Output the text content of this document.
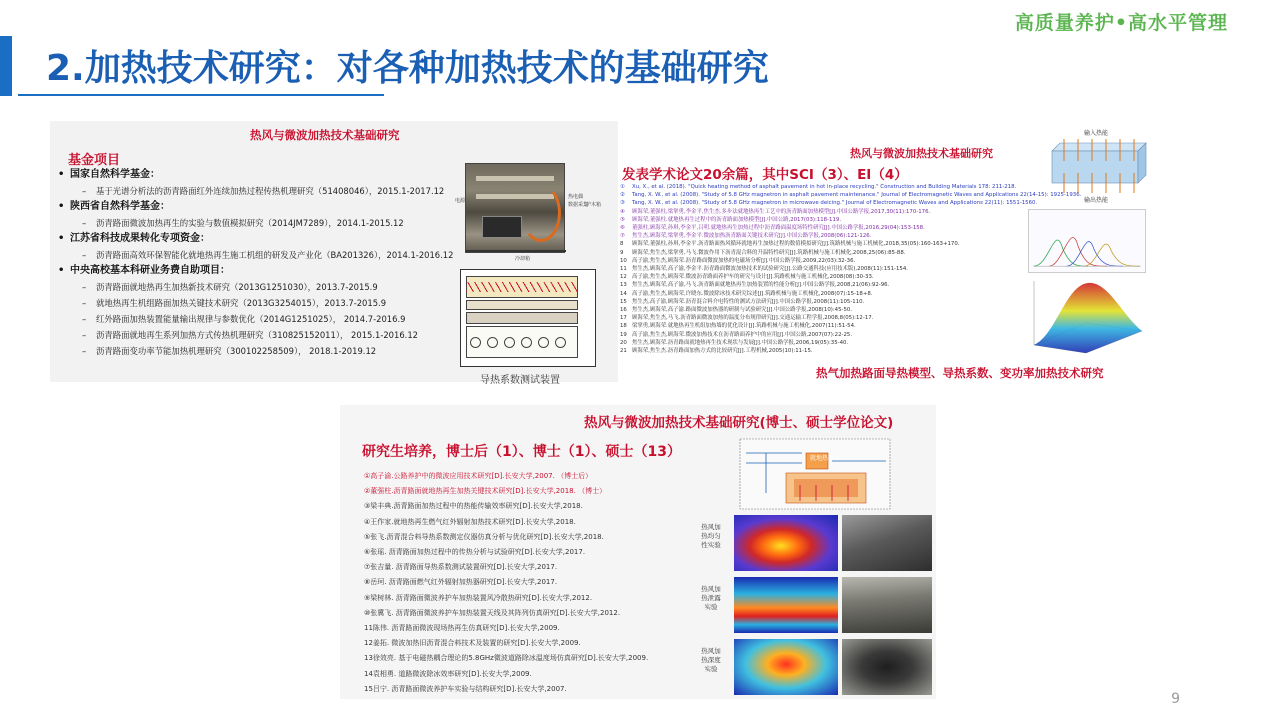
高质量养护•高水平管理
2.加热技术研究：对各种加热技术的基础研究
热风与微波加热技术基础研究
基金项目
• 国家自然科学基金：
– 基于光谱分析法的沥青路面红外连续加热过程传热机理研究（51408046），2015.1-2017.12
• 陕西省自然科学基金：
– 沥青路面微波加热再生的实验与数值模拟研究（2014JM7289），2014.1-2015.12
• 江苏省科技成果转化专项资金：
– 沥青路面高效环保智能化就地热再生施工机组的研发及产业化（BA201326），2014.1-2016.12
• 中央高校基本科研业务费自助项目：
– 沥青路面就地热再生加热新技术研究（2013G1251030），2013.7-2015.9
– 就地热再生机组路面加热关键技术研究（2013G3254015），2013.7-2015.9
– 红外路面加热装置能量输出规律与参数优化（2014G1251025）， 2014.7-2016.9
– 沥青路面就地再生系列加热方式传热机理研究（310825152011）， 2015.1-2016.12
– 沥青路面变功率节能加热机理研究（300102258509）， 2018.1-2019.12
电源
热电偶
数据采集
护木箱
冷却箱
导热系数测试装置
热风与微波加热技术基础研究
发表学术论文20余篇，其中SCI（3）、EI（4）
① Xu, X., et al. (2018). "Quick heating method of asphalt pavement in hot in-place recycling." Construction and Building Materials 178: 211-218.
② Tang, X. W., et al. (2008). "Study of 5.8 GHz magnetron in asphalt pavement maintenance." Journal of Electromagnetic Waves and Applications 22(14-15): 1925-1936.
③ Tang, X. W., et al. (2008). "Study of 5.8 GHz magnetron in microwave deicing." Journal of Electromagnetic Waves and Applications 22(11): 1551-1560.
④ 顾海荣,董强柱,梁掌勇,李金平,焦生杰.多步法就地热再生工艺中的沥青路面加热模型[J].中国公路学报,2017,30(11):170-176.
⑤ 顾海荣,董强柱.就地热再生过程中的沥青路面加热模型[J].中国公路,2017(03):118-119.
⑥ 董强柱,顾海荣,孙琪,李金平,吕明.就地热再生加热过程中沥青路面温度场特性研究[J].中国公路学报,2016,29(04):153-158.
⑦ 焦生杰,顾海荣,梁掌勇,李金平.微波加热沥青路面关键技术研究[J].中国公路学报,2008(06):121-126.
8 顾海荣,董强柱,孙琪,李金平.沥青路面热风循环就地再生加热过程的数值模拟研究[J].筑路机械与施工机械化,2018,35(05):160-163+170.
9 顾海荣,焦生杰,梁掌勇,马飞.微波作用下沥青混合料的升温特性研究[J].筑路机械与施工机械化,2008,25(06):85-88.
10 高子渝,焦生杰,顾海荣.沥青路面微波加热的电磁场分析[J].中国公路学报,2009,22(03):32-36.
11 焦生杰,顾海荣,高子渝,李金平.沥青路面微波加热技术的试验研究[J].公路交通科技(应用技术版),2008(11):151-154.
12 高子渝,焦生杰,顾海荣.微波沥青路面养护车的研究与设计[J].筑路机械与施工机械化,2008(08):30-33.
13 焦生杰,顾海荣,高子渝,马飞.沥青路面就地热再生加热装置的性能分析[J].中国公路学报,2008,21(06):92-96.
14 高子渝,焦生杰,顾海荣,许晓东.微波除冰技术研究综述[J].筑路机械与施工机械化,2008(07):15-18+8.
15 焦生杰,高子渝,顾海荣.沥青混合料介电特性的测试方法研究[J].中国公路学报,2008(11):105-110.
16 焦生杰,顾海荣,高子渝.路面微波加热器的研制与试验研究[J].中国公路学报,2008(10):45-50.
17 顾海荣,焦生杰,马飞.沥青路面微波加热的温度分布规律研究[J].交通运输工程学报,2008,8(05):12-17.
18 梁掌勇,顾海荣.就地热再生机组加热墙的优化设计[J].筑路机械与施工机械化,2007(11):51-54.
19 高子渝,焦生杰,顾海荣.微波加热技术在沥青路面养护中的应用[J].中国公路,2007(07):22-25.
20 焦生杰,顾海荣.沥青路面就地热再生技术现状与发展[J].中国公路学报,2006,19(05):35-40.
21 顾海荣,焦生杰.沥青路面加热方式的比较研究[J].工程机械,2005(10):11-15.
输入热能
输出热能
热气加热路面导热模型、导热系数、变功率加热技术研究
热风与微波加热技术基础研究(博士、硕士学位论文)
研究生培养，博士后（1）、博士（1）、硕士（13）
①高子渝.公路养护中的微波应用技术研究[D].长安大学,2007. （博士后）
②董强柱.沥青路面就地热再生加热关键技术研究[D].长安大学,2018. （博士）
③梁丰典.沥青路面加热过程中的热能传输效率研究[D].长安大学,2018.
④王作家.就地热再生燃气红外辐射加热技术研究[D].长安大学,2018.
⑤张飞.沥青混合料导热系数测定仪器仿真分析与优化研究[D].长安大学,2018.
⑥张瑶. 沥青路面加热过程中的传热分析与试验研究[D].长安大学,2017.
⑦张吉量. 沥青路面导热系数测试装置研究[D].长安大学,2017.
⑧岳珂. 沥青路面燃气红外辐射加热器研究[D].长安大学,2017.
⑨梁树林. 沥青路面微波养护车加热装置风冷散热研究[D].长安大学,2012.
⑩张冀飞. 沥青路面微波养护车加热装置天线及其阵列仿真研究[D].长安大学,2012.
11陈伟. 沥青路面微波现场热再生仿真研究[D].长安大学,2009.
12姜拓. 微波加热旧沥青混合料技术及装置的研究[D].长安大学,2009.
13徐效亮. 基于电磁热耦合理论的5.8GHz微波道路除冰温度场仿真研究[D].长安大学,2009.
14袁相勇. 道路微波除冰效率研究[D].长安大学,2009.
15吕宁. 沥青路面微波养护车实验与结构研究[D].长安大学,2007.
就地热再生
热风加热均匀性实验
热风加热泄露实验
热风加热深度实验
9
